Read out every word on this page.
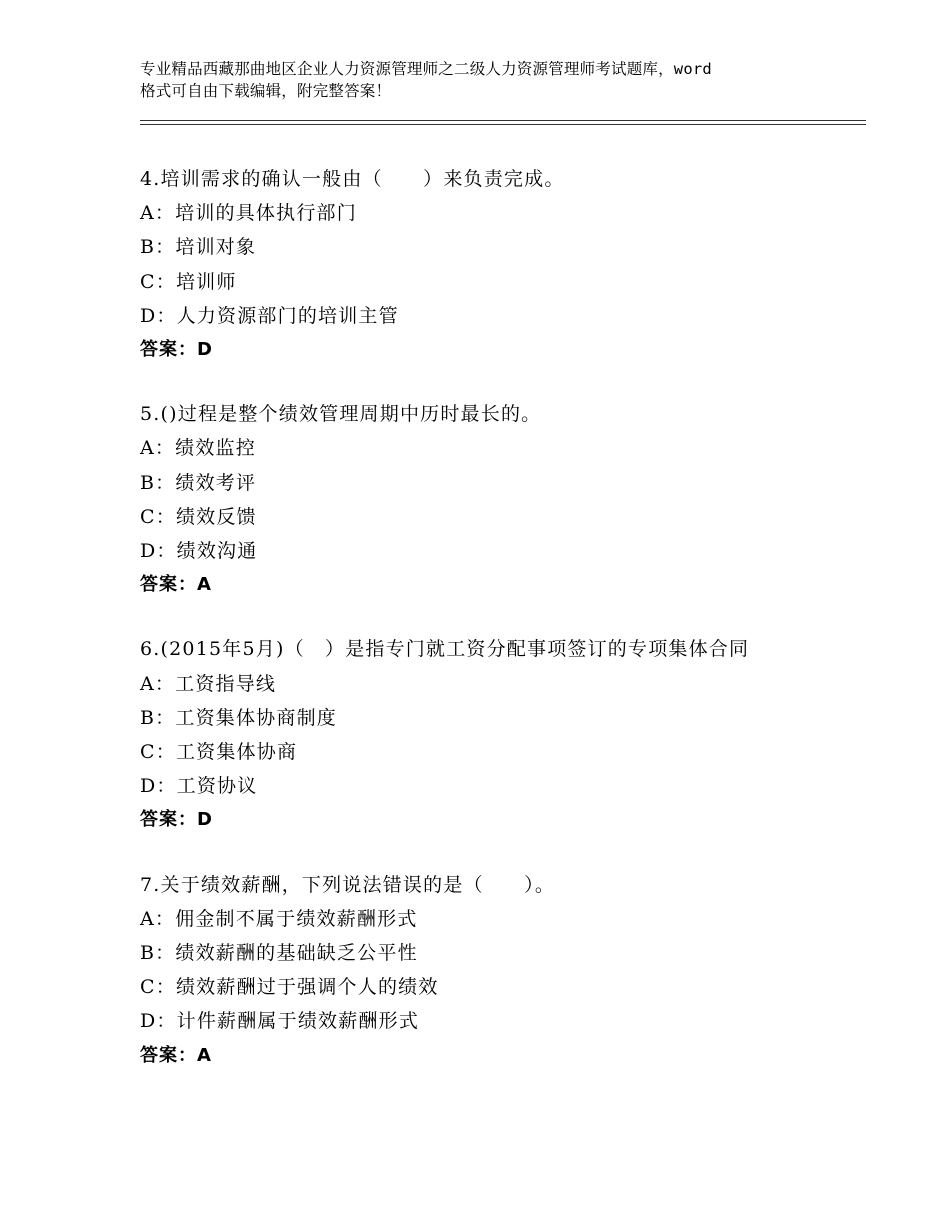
专业精品西藏那曲地区企业人力资源管理师之二级人力资源管理师考试题库，word
格式可自由下载编辑，附完整答案！
4.培训需求的确认一般由（　　）来负责完成。
A：培训的具体执行部门
B：培训对象
C：培训师
D：人力资源部门的培训主管
答案：D
5.()过程是整个绩效管理周期中历时最长的。
A：绩效监控
B：绩效考评
C：绩效反馈
D：绩效沟通
答案：A
6.(2015年5月)（　）是指专门就工资分配事项签订的专项集体合同
A：工资指导线
B：工资集体协商制度
C：工资集体协商
D：工资协议
答案：D
7.关于绩效薪酬，下列说法错误的是（　　）。
A：佣金制不属于绩效薪酬形式
B：绩效薪酬的基础缺乏公平性
C：绩效薪酬过于强调个人的绩效
D：计件薪酬属于绩效薪酬形式
答案：A
